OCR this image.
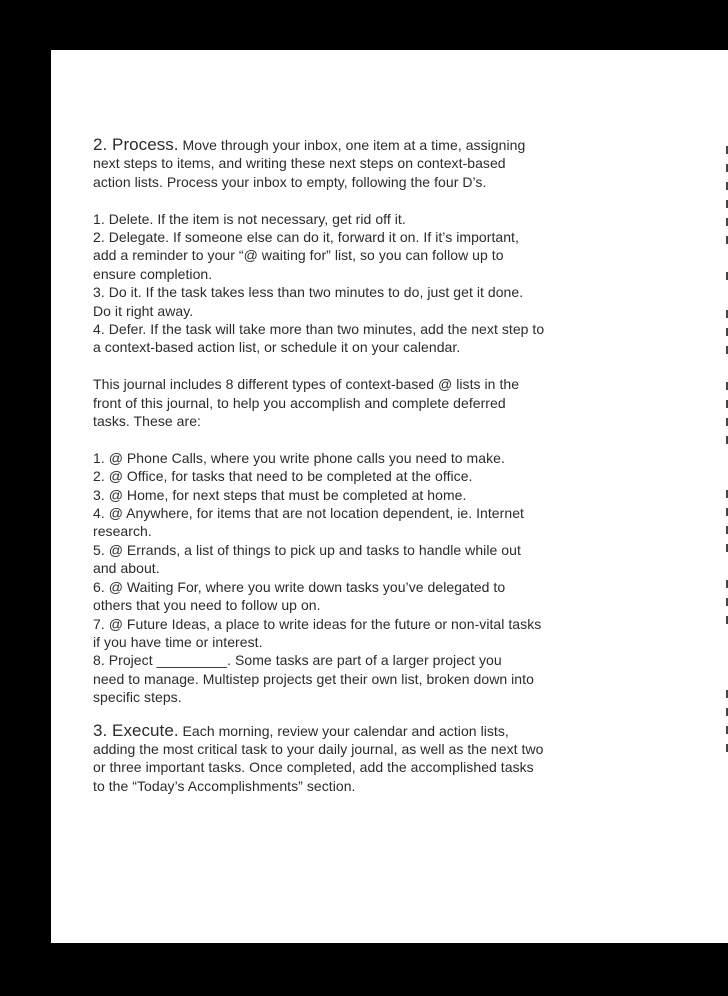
2. Process. Move through your inbox, one item at a time, assigning

next steps to items, and writing these next steps on context-based

action lists. Process your inbox to empty, following the four D’s.

1. Delete. If the item is not necessary, get rid off it.

2. Delegate. If someone else can do it, forward it on. If it’s important,

add a reminder to your “@ waiting for” list, so you can follow up to

ensure completion.

3. Do it. If the task takes less than two minutes to do, just get it done.

Do it right away.

4. Defer. If the task will take more than two minutes, add the next step to

a context-based action list, or schedule it on your calendar.

This journal includes 8 different types of context-based @ lists in the

front of this journal, to help you accomplish and complete deferred

tasks. These are:

1. @ Phone Calls, where you write phone calls you need to make.

2. @ Office, for tasks that need to be completed at the office.

3. @ Home, for next steps that must be completed at home.

4. @ Anywhere, for items that are not location dependent, ie. Internet

research.

5. @ Errands, a list of things to pick up and tasks to handle while out

and about.

6. @ Waiting For, where you write down tasks you’ve delegated to

others that you need to follow up on.

7. @ Future Ideas, a place to write ideas for the future or non-vital tasks

if you have time or interest.

8. Project _________. Some tasks are part of a larger project you

need to manage. Multistep projects get their own list, broken down into

specific steps.

3. Execute. Each morning, review your calendar and action lists,

adding the most critical task to your daily journal, as well as the next two

or three important tasks. Once completed, add the accomplished tasks

to the “Today’s Accomplishments” section.
